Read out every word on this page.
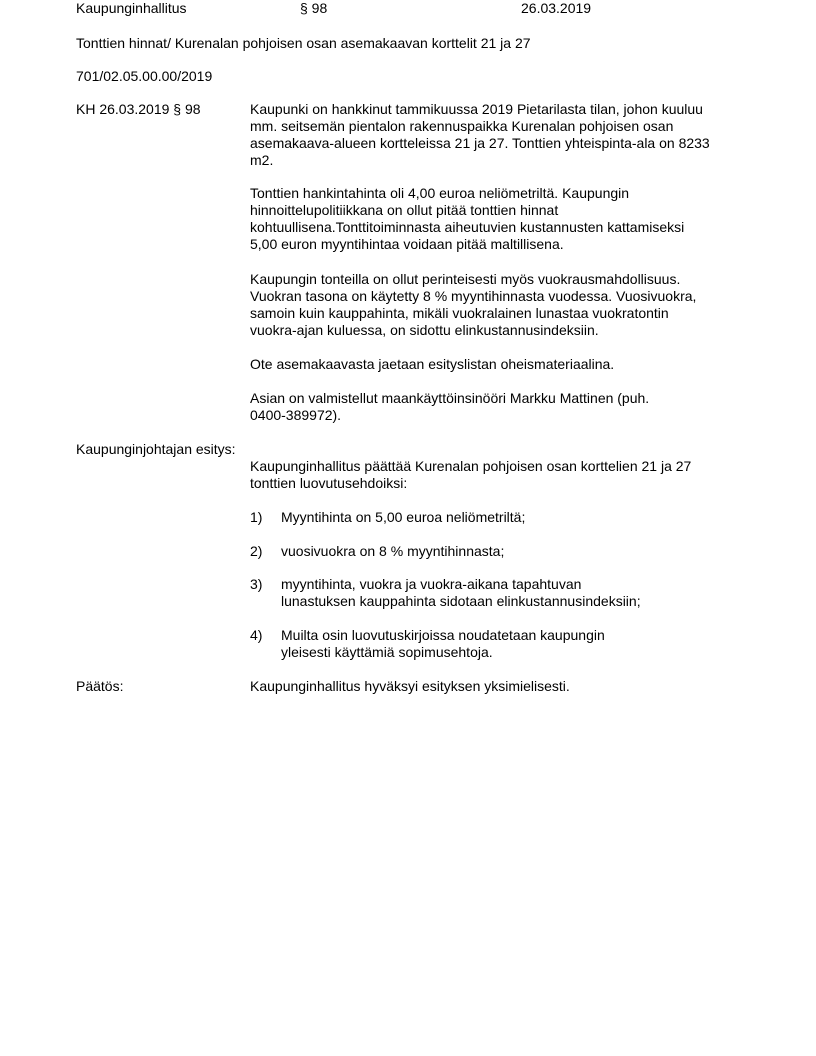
Kaupunginhallitus	§ 98	26.03.2019
Tonttien hinnat/ Kurenalan pohjoisen osan asemakaavan korttelit 21 ja 27
701/02.05.00.00/2019
KH 26.03.2019 § 98	Kaupunki on hankkinut tammikuussa 2019 Pietarilasta tilan, johon kuuluu
mm. seitsemän pientalon rakennuspaikka Kurenalan pohjoisen osan
asemakaava-alueen kortteleissa 21 ja 27. Tonttien yhteispinta-ala on 8233
m2.
Tonttien hankintahinta oli 4,00 euroa neliömetriltä. Kaupungin
hinnoittelupolitiikkana on ollut pitää tonttien hinnat
kohtuullisena.Tonttitoiminnasta aiheutuvien kustannusten kattamiseksi
5,00 euron myyntihintaa voidaan pitää maltillisena.
Kaupungin tonteilla on ollut perinteisesti myös vuokrausmahdollisuus.
Vuokran tasona on käytetty 8 % myyntihinnasta vuodessa. Vuosivuokra,
samoin kuin kauppahinta, mikäli vuokralainen lunastaa vuokratontin
vuokra-ajan kuluessa, on sidottu elinkustannusindeksiin.
Ote asemakaavasta jaetaan esityslistan oheismateriaalina.
Asian on valmistellut maankäyttöinsinööri Markku Mattinen (puh.
0400-389972).
Kaupunginjohtajan esitys:
Kaupunginhallitus päättää Kurenalan pohjoisen osan korttelien 21 ja 27
tonttien luovutusehdoiksi:
1) Myyntihinta on 5,00 euroa neliömetriltä;
2) vuosivuokra on 8 % myyntihinnasta;
3) myyntihinta, vuokra ja vuokra-aikana tapahtuvan
lunastuksen kauppahinta sidotaan elinkustannusindeksiin;
4) Muilta osin luovutuskirjoissa noudatetaan kaupungin
yleisesti käyttämiä sopimusehtoja.
Päätös:	Kaupunginhallitus hyväksyi esityksen yksimielisesti.
